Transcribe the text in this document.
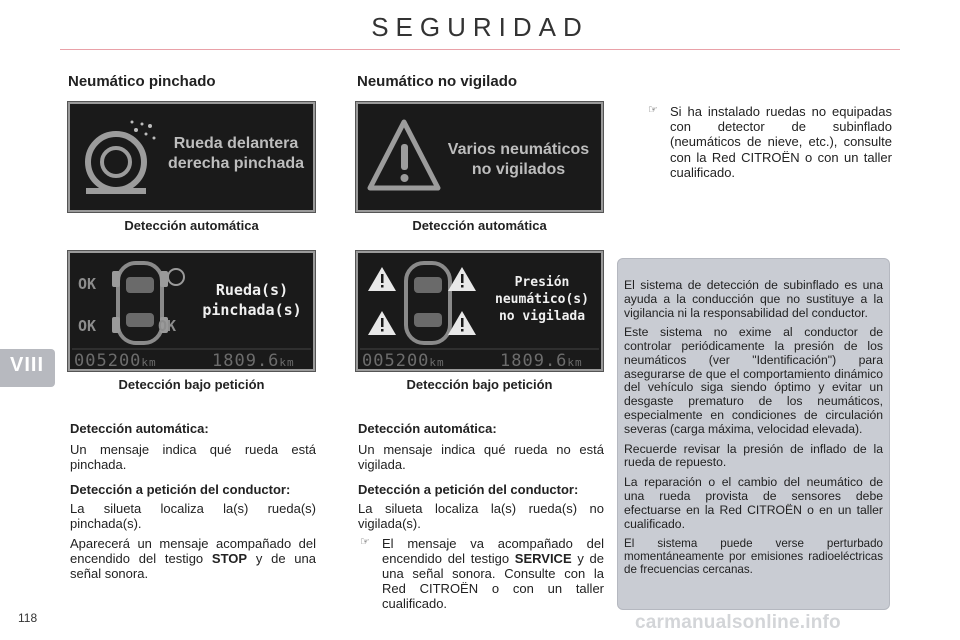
SEGURIDAD
Neumático pinchado	Neumático no vigilado
Rueda delantera
derecha pinchada
Detección automática
OK
OK	OK
Rueda(s)
pinchada(s)
005200km	1809.6km
Detección bajo petición
Varios neumáticos
no vigilados
Detección automática
Presión
neumático(s)
no vigilada
005200km	1809.6km
Detección bajo petición
Detección automática:

Un mensaje indica qué rueda está pinchada.

Detección a petición del conductor:

La silueta localiza la(s) rueda(s) pinchada(s).

Aparecerá un mensaje acompañado del encendido del testigo STOP y de una señal sonora.

Detección automática:

Un mensaje indica qué rueda no está vigilada.

Detección a petición del conductor:

La silueta localiza la(s) rueda(s) no vigilada(s).

☞ El mensaje va acompañado del encendido del testigo SERVICE y de una señal sonora. Consulte con la Red CITROËN o con un taller cualificado.
☞ Si ha instalado ruedas no equipadas con detector de subinflado (neumáticos de nieve, etc.), consulte con la Red CITROËN o con un taller cualificado.

El sistema de detección de subinflado es una ayuda a la conducción que no sustituye a la vigilancia ni la responsabilidad del conductor.

Este sistema no exime al conductor de controlar periódicamente la presión de los neumáticos (ver "Identificación") para asegurarse de que el comportamiento dinámico del vehículo siga siendo óptimo y evitar un desgaste prematuro de los neumáticos, especialmente en condiciones de circulación severas (carga máxima, velocidad elevada).

Recuerde revisar la presión de inflado de la rueda de repuesto.

La reparación o el cambio del neumático de una rueda provista de sensores debe efectuarse en la Red CITROËN o en un taller cualificado.

El sistema puede verse perturbado momentáneamente por emisiones radioeléctricas de frecuencias cercanas.

VIII
118	carmanualsonline.info
